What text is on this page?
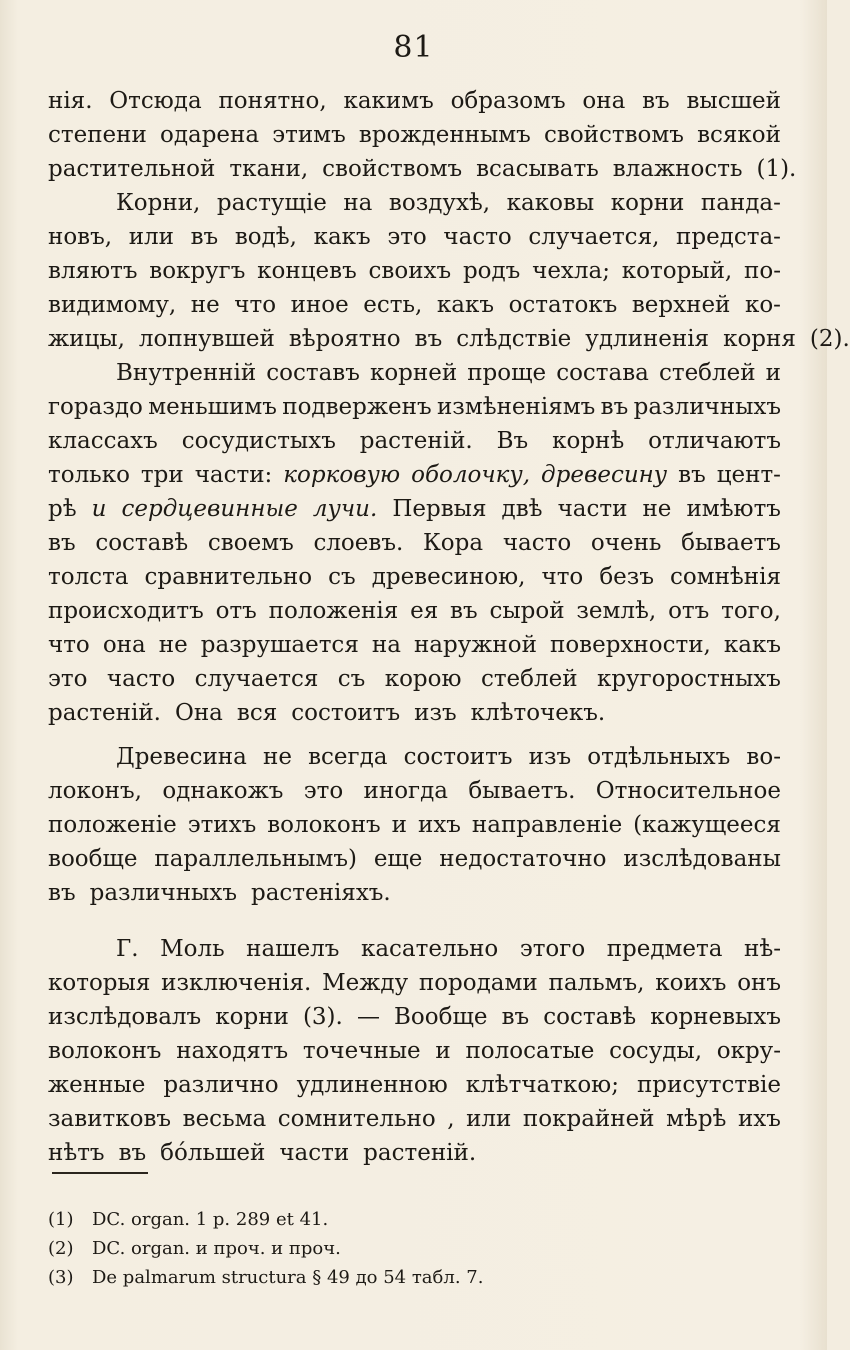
81
нія. Отсюда понятно, какимъ образомъ она въ высшей
степени одарена этимъ врожденнымъ свойствомъ всякой
растительной ткани, свойствомъ всасывать влажность (1).
Корни, растущіе на воздухѣ, каковы корни панда-
новъ, или въ водѣ, какъ это часто случается, предста-
вляютъ вокругъ концевъ своихъ родъ чехла; который, по-
видимому, не что иное есть, какъ остатокъ верхней ко-
жицы, лопнувшей вѣроятно въ слѣдствіе удлиненія корня (2).
Внутренній составъ корней проще состава стеблей и
гораздо меньшимъ подверженъ измѣненіямъ въ различныхъ
классахъ сосудистыхъ растеній. Въ корнѣ отличаютъ
только три части: корковую оболочку, древесину въ цент-
рѣ и сердцевинные лучи. Первыя двѣ части не имѣютъ
въ составѣ своемъ слоевъ. Кора часто очень бываетъ
толста сравнительно съ древесиною, что безъ сомнѣнія
происходитъ отъ положенія ея въ сырой землѣ, отъ того,
что она не разрушается на наружной поверхности, какъ
это часто случается съ корою стеблей кругоростныхъ
растеній. Она вся состоитъ изъ клѣточекъ.
Древесина не всегда состоитъ изъ отдѣльныхъ во-
локонъ, однакожъ это иногда бываетъ. Относительное
положеніе этихъ волоконъ и ихъ направленіе (кажущееся
вообще параллельнымъ) еще недостаточно изслѣдованы
въ различныхъ растеніяхъ.
Г. Моль нашелъ касательно этого предмета нѣ-
которыя изключенія. Между породами пальмъ, коихъ онъ
изслѣдовалъ корни (3). — Вообще въ составѣ корневыхъ
волоконъ находятъ точечные и полосатые сосуды, окру-
женные различно удлиненною клѣтчаткою; присутствіе
завитковъ весьма сомнительно , или покрайней мѣрѣ ихъ
нѣтъ въ бо́льшей части растеній.
(1) DC. organ. 1 p. 289 et 41.
(2) DC. organ. и проч. и проч.
(3) De palmarum structura § 49 до 54 табл. 7.
